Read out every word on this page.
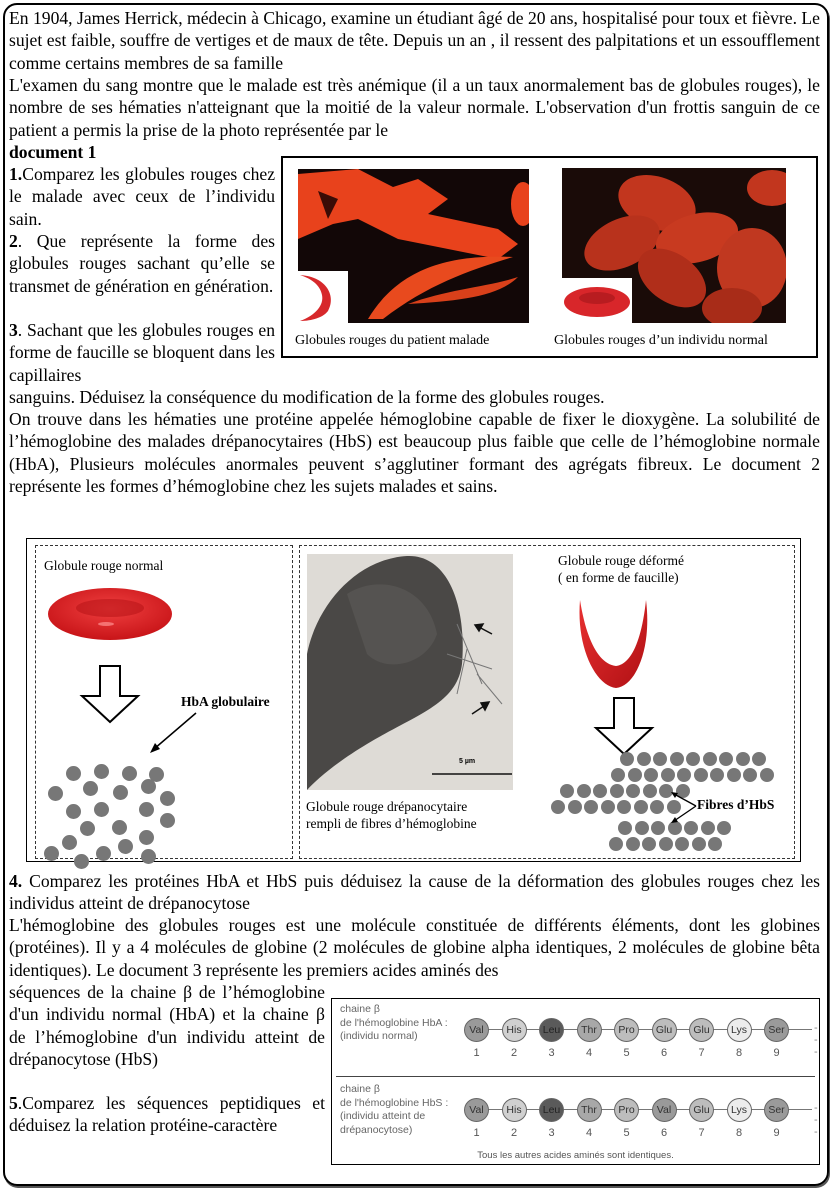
En 1904, James Herrick, médecin à Chicago, examine un étudiant âgé de 20 ans, hospitalisé pour toux et fièvre. Le sujet est faible, souffre de vertiges et de maux de tête. Depuis un an , il ressent des palpitations et un essoufflement comme certains membres de sa famille

L'examen du sang montre que le malade est très anémique (il a un taux anormalement bas de globules rouges), le nombre de ses hématies n'atteignant que la moitié de la valeur normale. L'observation d'un frottis sanguin de ce patient a permis la prise de la photo représentée par le

document 1

1.Comparez les globules rouges chez le malade avec ceux de l’individu sain.

2. Que représente la forme des globules rouges sachant qu’elle se transmet de génération en génération.

3. Sachant que les globules rouges en forme de faucille se bloquent dans les capillaires

sanguins. Déduisez la conséquence du modification de la forme des globules rouges.

Globules rouges du patient malade	Globules rouges d’un individu normal

On trouve dans les hématies une protéine appelée hémoglobine capable de fixer le dioxygène. La solubilité de l’hémoglobine des malades drépanocytaires (HbS) est beaucoup plus faible que celle de l’hémoglobine normale (HbA), Plusieurs molécules anormales peuvent s’agglutiner formant des agrégats fibreux. Le document 2 représente les formes d’hémoglobine chez les sujets malades et sains.

Globule rouge normal
HbA globulaire
5 µm
Globule rouge drépanocytaire
rempli de fibres d’hémoglobine
Globule rouge déformé
( en forme de faucille)
Fibres d’HbS

4. Comparez les protéines HbA et HbS puis déduisez la cause de la déformation des globules rouges chez les individus atteint de drépanocytose

L'hémoglobine des globules rouges est une molécule constituée de différents éléments, dont les globines (protéines). Il y a 4 molécules de globine (2 molécules de globine alpha identiques, 2 molécules de globine bêta identiques). Le document 3 représente les premiers acides aminés des

séquences de la chaine β de l’hémoglobine d'un individu normal (HbA) et la chaine β de l’hémoglobine d'un individu atteint de drépanocytose (HbS)

5.Comparez les séquences peptidiques et déduisez la relation protéine-caractère

chaine β
de l'hémoglobine HbA :
(individu normal)
- - -
Val
1
His
2
Leu
3
Thr
4
Pro
5
Glu
6
Glu
7
Lys
8
Ser
9
chaine β
de l'hémoglobine HbS :
(individu atteint de
drépanocytose)
- - -
Val
1
His
2
Leu
3
Thr
4
Pro
5
Val
6
Glu
7
Lys
8
Ser
9
Tous les autres acides aminés sont identiques.
